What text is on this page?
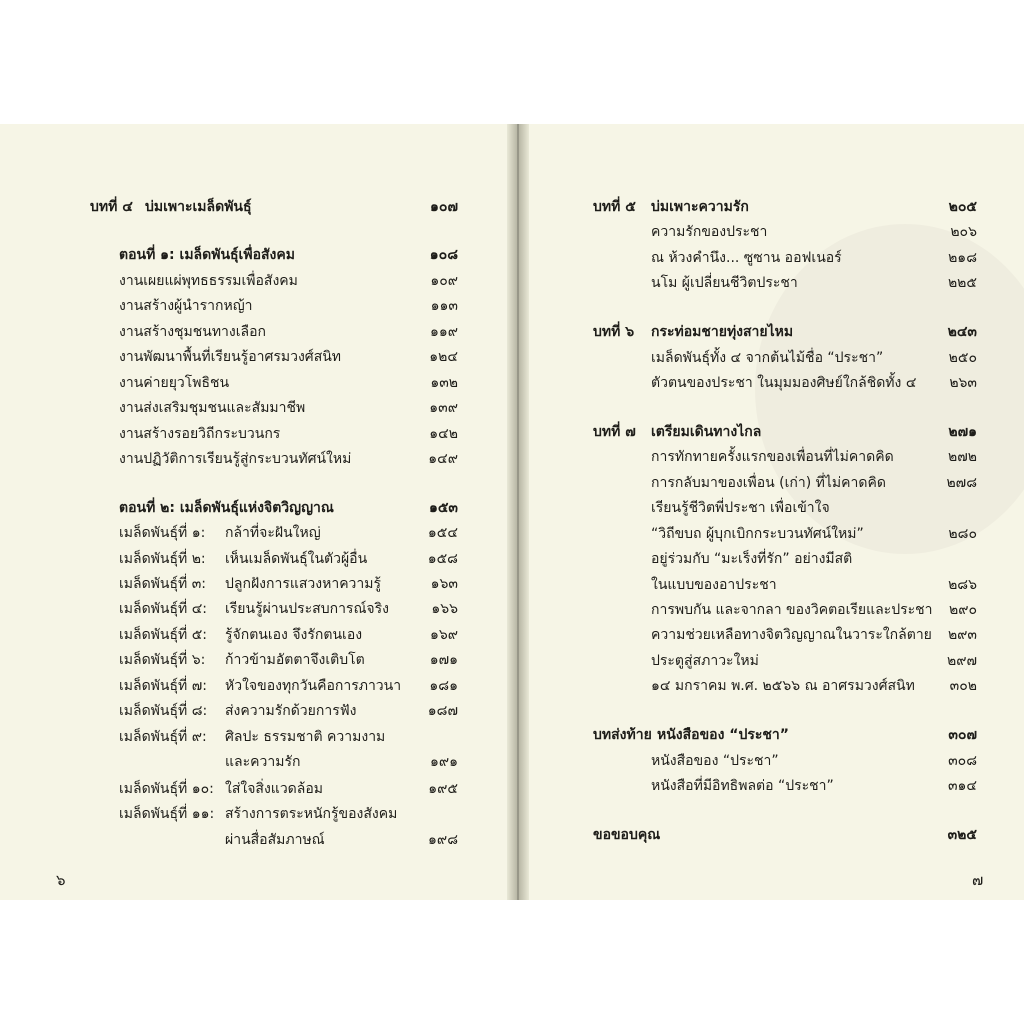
บทที่ ๔ บ่มเพาะเมล็ดพันธุ์	๑๐๗
ตอนที่ ๑: เมล็ดพันธุ์เพื่อสังคม	๑๐๘
งานเผยแผ่พุทธธรรมเพื่อสังคม	๑๐๙
งานสร้างผู้นำรากหญ้า	๑๑๓
งานสร้างชุมชนทางเลือก	๑๑๙
งานพัฒนาพื้นที่เรียนรู้อาศรมวงศ์สนิท	๑๒๔
งานค่ายยุวโพธิชน	๑๓๒
งานส่งเสริมชุมชนและสัมมาชีพ	๑๓๙
งานสร้างรอยวิถีกระบวนกร	๑๔๒
งานปฏิวัติการเรียนรู้สู่กระบวนทัศน์ใหม่	๑๔๙
ตอนที่ ๒: เมล็ดพันธุ์แห่งจิตวิญญาณ	๑๕๓
เมล็ดพันธุ์ที่ ๑: กล้าที่จะฝันใหญ่	๑๕๔
เมล็ดพันธุ์ที่ ๒: เห็นเมล็ดพันธุ์ในตัวผู้อื่น	๑๕๘
เมล็ดพันธุ์ที่ ๓: ปลูกฝังการแสวงหาความรู้	๑๖๓
เมล็ดพันธุ์ที่ ๔: เรียนรู้ผ่านประสบการณ์จริง	๑๖๖
เมล็ดพันธุ์ที่ ๕: รู้จักตนเอง จึงรักตนเอง	๑๖๙
เมล็ดพันธุ์ที่ ๖: ก้าวข้ามอัตตาจึงเติบโต	๑๗๑
เมล็ดพันธุ์ที่ ๗: หัวใจของทุกวันคือการภาวนา	๑๘๑
เมล็ดพันธุ์ที่ ๘: ส่งความรักด้วยการฟัง	๑๘๗
เมล็ดพันธุ์ที่ ๙: ศิลปะ ธรรมชาติ ความงาม
และความรัก	๑๙๑
เมล็ดพันธุ์ที่ ๑๐: ใส่ใจสิ่งแวดล้อม	๑๙๕
เมล็ดพันธุ์ที่ ๑๑: สร้างการตระหนักรู้ของสังคม
ผ่านสื่อสัมภาษณ์	๑๙๘
๖
บทที่ ๕ บ่มเพาะความรัก	๒๐๕
ความรักของประชา	๒๐๖
ณ ห้วงคำนึง... ซูซาน ออฟเนอร์	๒๑๘
นโม ผู้เปลี่ยนชีวิตประชา	๒๒๕
บทที่ ๖ กระท่อมชายทุ่งสายไหม	๒๔๓
เมล็ดพันธุ์ทั้ง ๔ จากต้นไม้ชื่อ “ประชา”	๒๕๐
ตัวตนของประชา ในมุมมองศิษย์ใกล้ชิดทั้ง ๔	๒๖๓
บทที่ ๗ เตรียมเดินทางไกล	๒๗๑
การทักทายครั้งแรกของเพื่อนที่ไม่คาดคิด	๒๗๒
การกลับมาของเพื่อน (เก่า) ที่ไม่คาดคิด	๒๗๘
เรียนรู้ชีวิตพี่ประชา เพื่อเข้าใจ
“วิถีขบถ ผู้บุกเบิกกระบวนทัศน์ใหม่”	๒๘๐
อยู่ร่วมกับ “มะเร็งที่รัก” อย่างมีสติ
ในแบบของอาประชา	๒๘๖
การพบกัน และจากลา ของวิคตอเรียและประชา	๒๙๐
ความช่วยเหลือทางจิตวิญญาณในวาระใกล้ตาย	๒๙๓
ประตูสู่สภาวะใหม่	๒๙๗
๑๔ มกราคม พ.ศ. ๒๕๖๖ ณ อาศรมวงศ์สนิท	๓๐๒
บทส่งท้าย หนังสือของ “ประชา”	๓๐๗
หนังสือของ “ประชา”	๓๐๘
หนังสือที่มีอิทธิพลต่อ “ประชา”	๓๑๔
ขอขอบคุณ	๓๒๕
๗
